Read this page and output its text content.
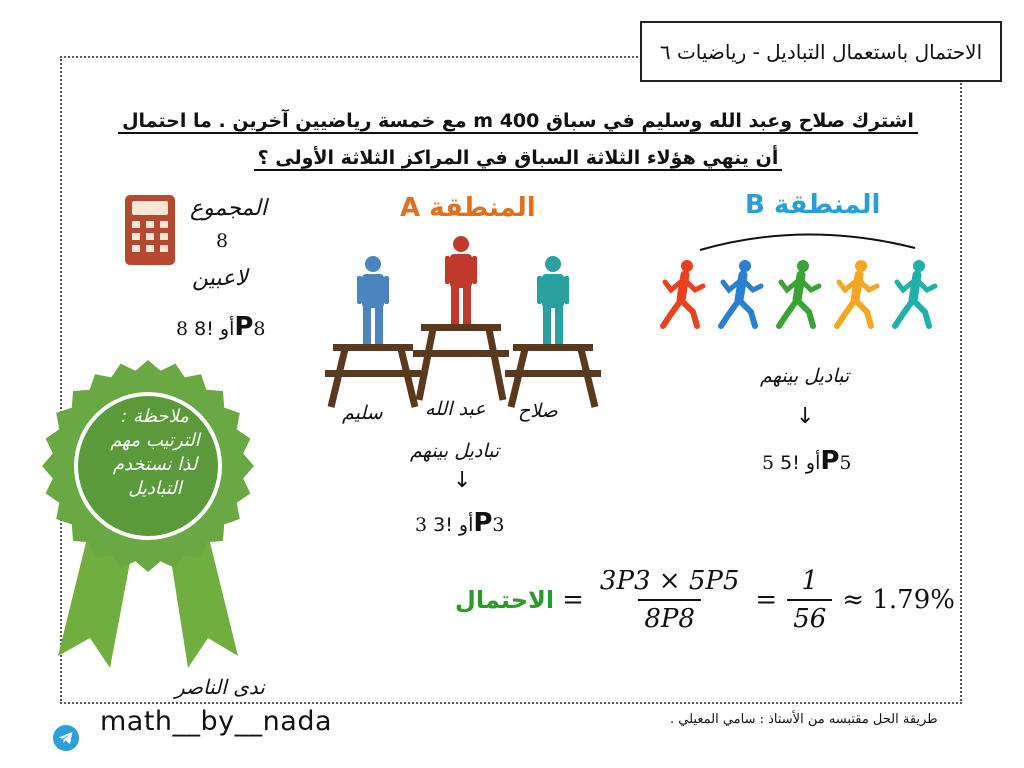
الاحتمال باستعمال التباديل - رياضيات ٦
اشترك صلاح وعبد الله وسليم في سباق 400 m مع خمسة رياضيين آخرين . ما احتمال
أن ينهي هؤلاء الثلاثة السباق في المراكز الثلاثة الأولى ؟
المجموع
8
لاعبين
أو !8 8 P8
المنطقة A
سليم عبد الله صلاح
تباديل بينهم
↓
أو !3 3 P3
المنطقة B
تباديل بينهم
↓
أو !5 5 P5
الاحتمال = $\frac{3P3 \times 5P5}{8P8} = \frac{1}{56} \approx 1.79\%$
ملاحظة : الترتيب مهم لذا نستخدم التباديل
ندى الناصر
math__by__nada	طريقة الحل مقتبسه من الأستاذ : سامي المعيلي .
